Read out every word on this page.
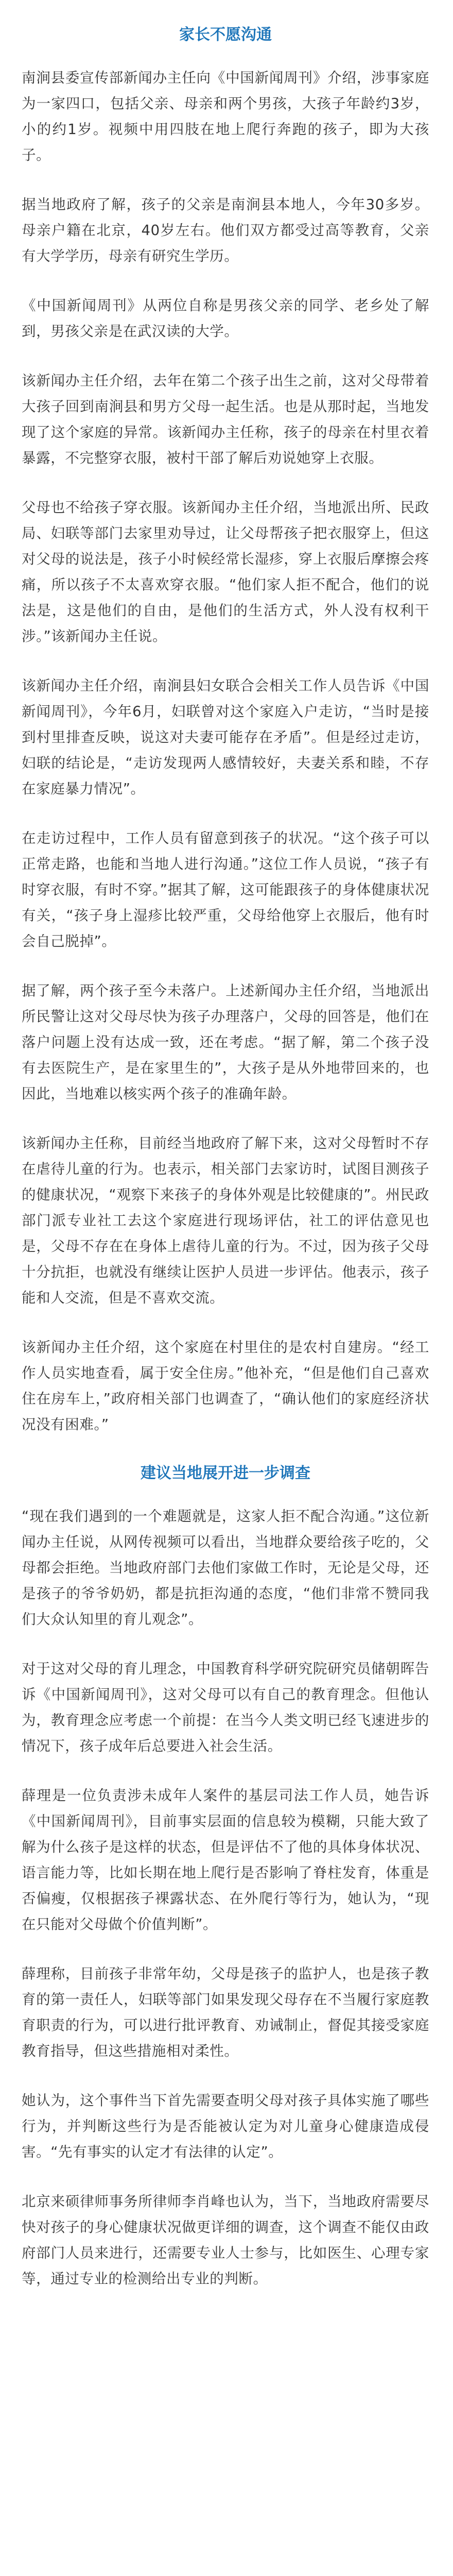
家长不愿沟通

南涧县委宣传部新闻办主任向《中国新闻周刊》介绍，涉事家庭为一家四口，包括父亲、母亲和两个男孩，大孩子年龄约3岁，小的约1岁。视频中用四肢在地上爬行奔跑的孩子，即为大孩子。

据当地政府了解，孩子的父亲是南涧县本地人，今年30多岁。母亲户籍在北京，40岁左右。他们双方都受过高等教育，父亲有大学学历，母亲有研究生学历。

《中国新闻周刊》从两位自称是男孩父亲的同学、老乡处了解到，男孩父亲是在武汉读的大学。

该新闻办主任介绍，去年在第二个孩子出生之前，这对父母带着大孩子回到南涧县和男方父母一起生活。也是从那时起，当地发现了这个家庭的异常。该新闻办主任称，孩子的母亲在村里衣着暴露，不完整穿衣服，被村干部了解后劝说她穿上衣服。

父母也不给孩子穿衣服。该新闻办主任介绍，当地派出所、民政局、妇联等部门去家里劝导过，让父母帮孩子把衣服穿上，但这对父母的说法是，孩子小时候经常长湿疹，穿上衣服后摩擦会疼痛，所以孩子不太喜欢穿衣服。“他们家人拒不配合，他们的说法是，这是他们的自由，是他们的生活方式，外人没有权利干涉。”该新闻办主任说。

该新闻办主任介绍，南涧县妇女联合会相关工作人员告诉《中国新闻周刊》，今年6月，妇联曾对这个家庭入户走访，“当时是接到村里排查反映，说这对夫妻可能存在矛盾”。但是经过走访，妇联的结论是，“走访发现两人感情较好，夫妻关系和睦，不存在家庭暴力情况”。

在走访过程中，工作人员有留意到孩子的状况。“这个孩子可以正常走路，也能和当地人进行沟通。”这位工作人员说，“孩子有时穿衣服，有时不穿。”据其了解，这可能跟孩子的身体健康状况有关，“孩子身上湿疹比较严重，父母给他穿上衣服后，他有时会自己脱掉”。

据了解，两个孩子至今未落户。上述新闻办主任介绍，当地派出所民警让这对父母尽快为孩子办理落户，父母的回答是，他们在落户问题上没有达成一致，还在考虑。“据了解，第二个孩子没有去医院生产，是在家里生的”，大孩子是从外地带回来的，也因此，当地难以核实两个孩子的准确年龄。

该新闻办主任称，目前经当地政府了解下来，这对父母暂时不存在虐待儿童的行为。也表示，相关部门去家访时，试图目测孩子的健康状况，“观察下来孩子的身体外观是比较健康的”。州民政部门派专业社工去这个家庭进行现场评估，社工的评估意见也是，父母不存在在身体上虐待儿童的行为。不过，因为孩子父母十分抗拒，也就没有继续让医护人员进一步评估。他表示，孩子能和人交流，但是不喜欢交流。

该新闻办主任介绍，这个家庭在村里住的是农村自建房。“经工作人员实地查看，属于安全住房。”他补充，“但是他们自己喜欢住在房车上，”政府相关部门也调查了，“确认他们的家庭经济状况没有困难。”

建议当地展开进一步调查

“现在我们遇到的一个难题就是，这家人拒不配合沟通。”这位新闻办主任说，从网传视频可以看出，当地群众要给孩子吃的，父母都会拒绝。当地政府部门去他们家做工作时，无论是父母，还是孩子的爷爷奶奶，都是抗拒沟通的态度，“他们非常不赞同我们大众认知里的育儿观念”。

对于这对父母的育儿理念，中国教育科学研究院研究员储朝晖告诉《中国新闻周刊》，这对父母可以有自己的教育理念。但他认为，教育理念应考虑一个前提：在当今人类文明已经飞速进步的情况下，孩子成年后总要进入社会生活。

薛理是一位负责涉未成年人案件的基层司法工作人员，她告诉《中国新闻周刊》，目前事实层面的信息较为模糊，只能大致了解为什么孩子是这样的状态，但是评估不了他的具体身体状况、语言能力等，比如长期在地上爬行是否影响了脊柱发育，体重是否偏瘦，仅根据孩子裸露状态、在外爬行等行为，她认为，“现在只能对父母做个价值判断”。

薛理称，目前孩子非常年幼，父母是孩子的监护人，也是孩子教育的第一责任人，妇联等部门如果发现父母存在不当履行家庭教育职责的行为，可以进行批评教育、劝诫制止，督促其接受家庭教育指导，但这些措施相对柔性。

她认为，这个事件当下首先需要查明父母对孩子具体实施了哪些行为，并判断这些行为是否能被认定为对儿童身心健康造成侵害。“先有事实的认定才有法律的认定”。

北京来硕律师事务所律师李肖峰也认为，当下，当地政府需要尽快对孩子的身心健康状况做更详细的调查，这个调查不能仅由政府部门人员来进行，还需要专业人士参与，比如医生、心理专家等，通过专业的检测给出专业的判断。
